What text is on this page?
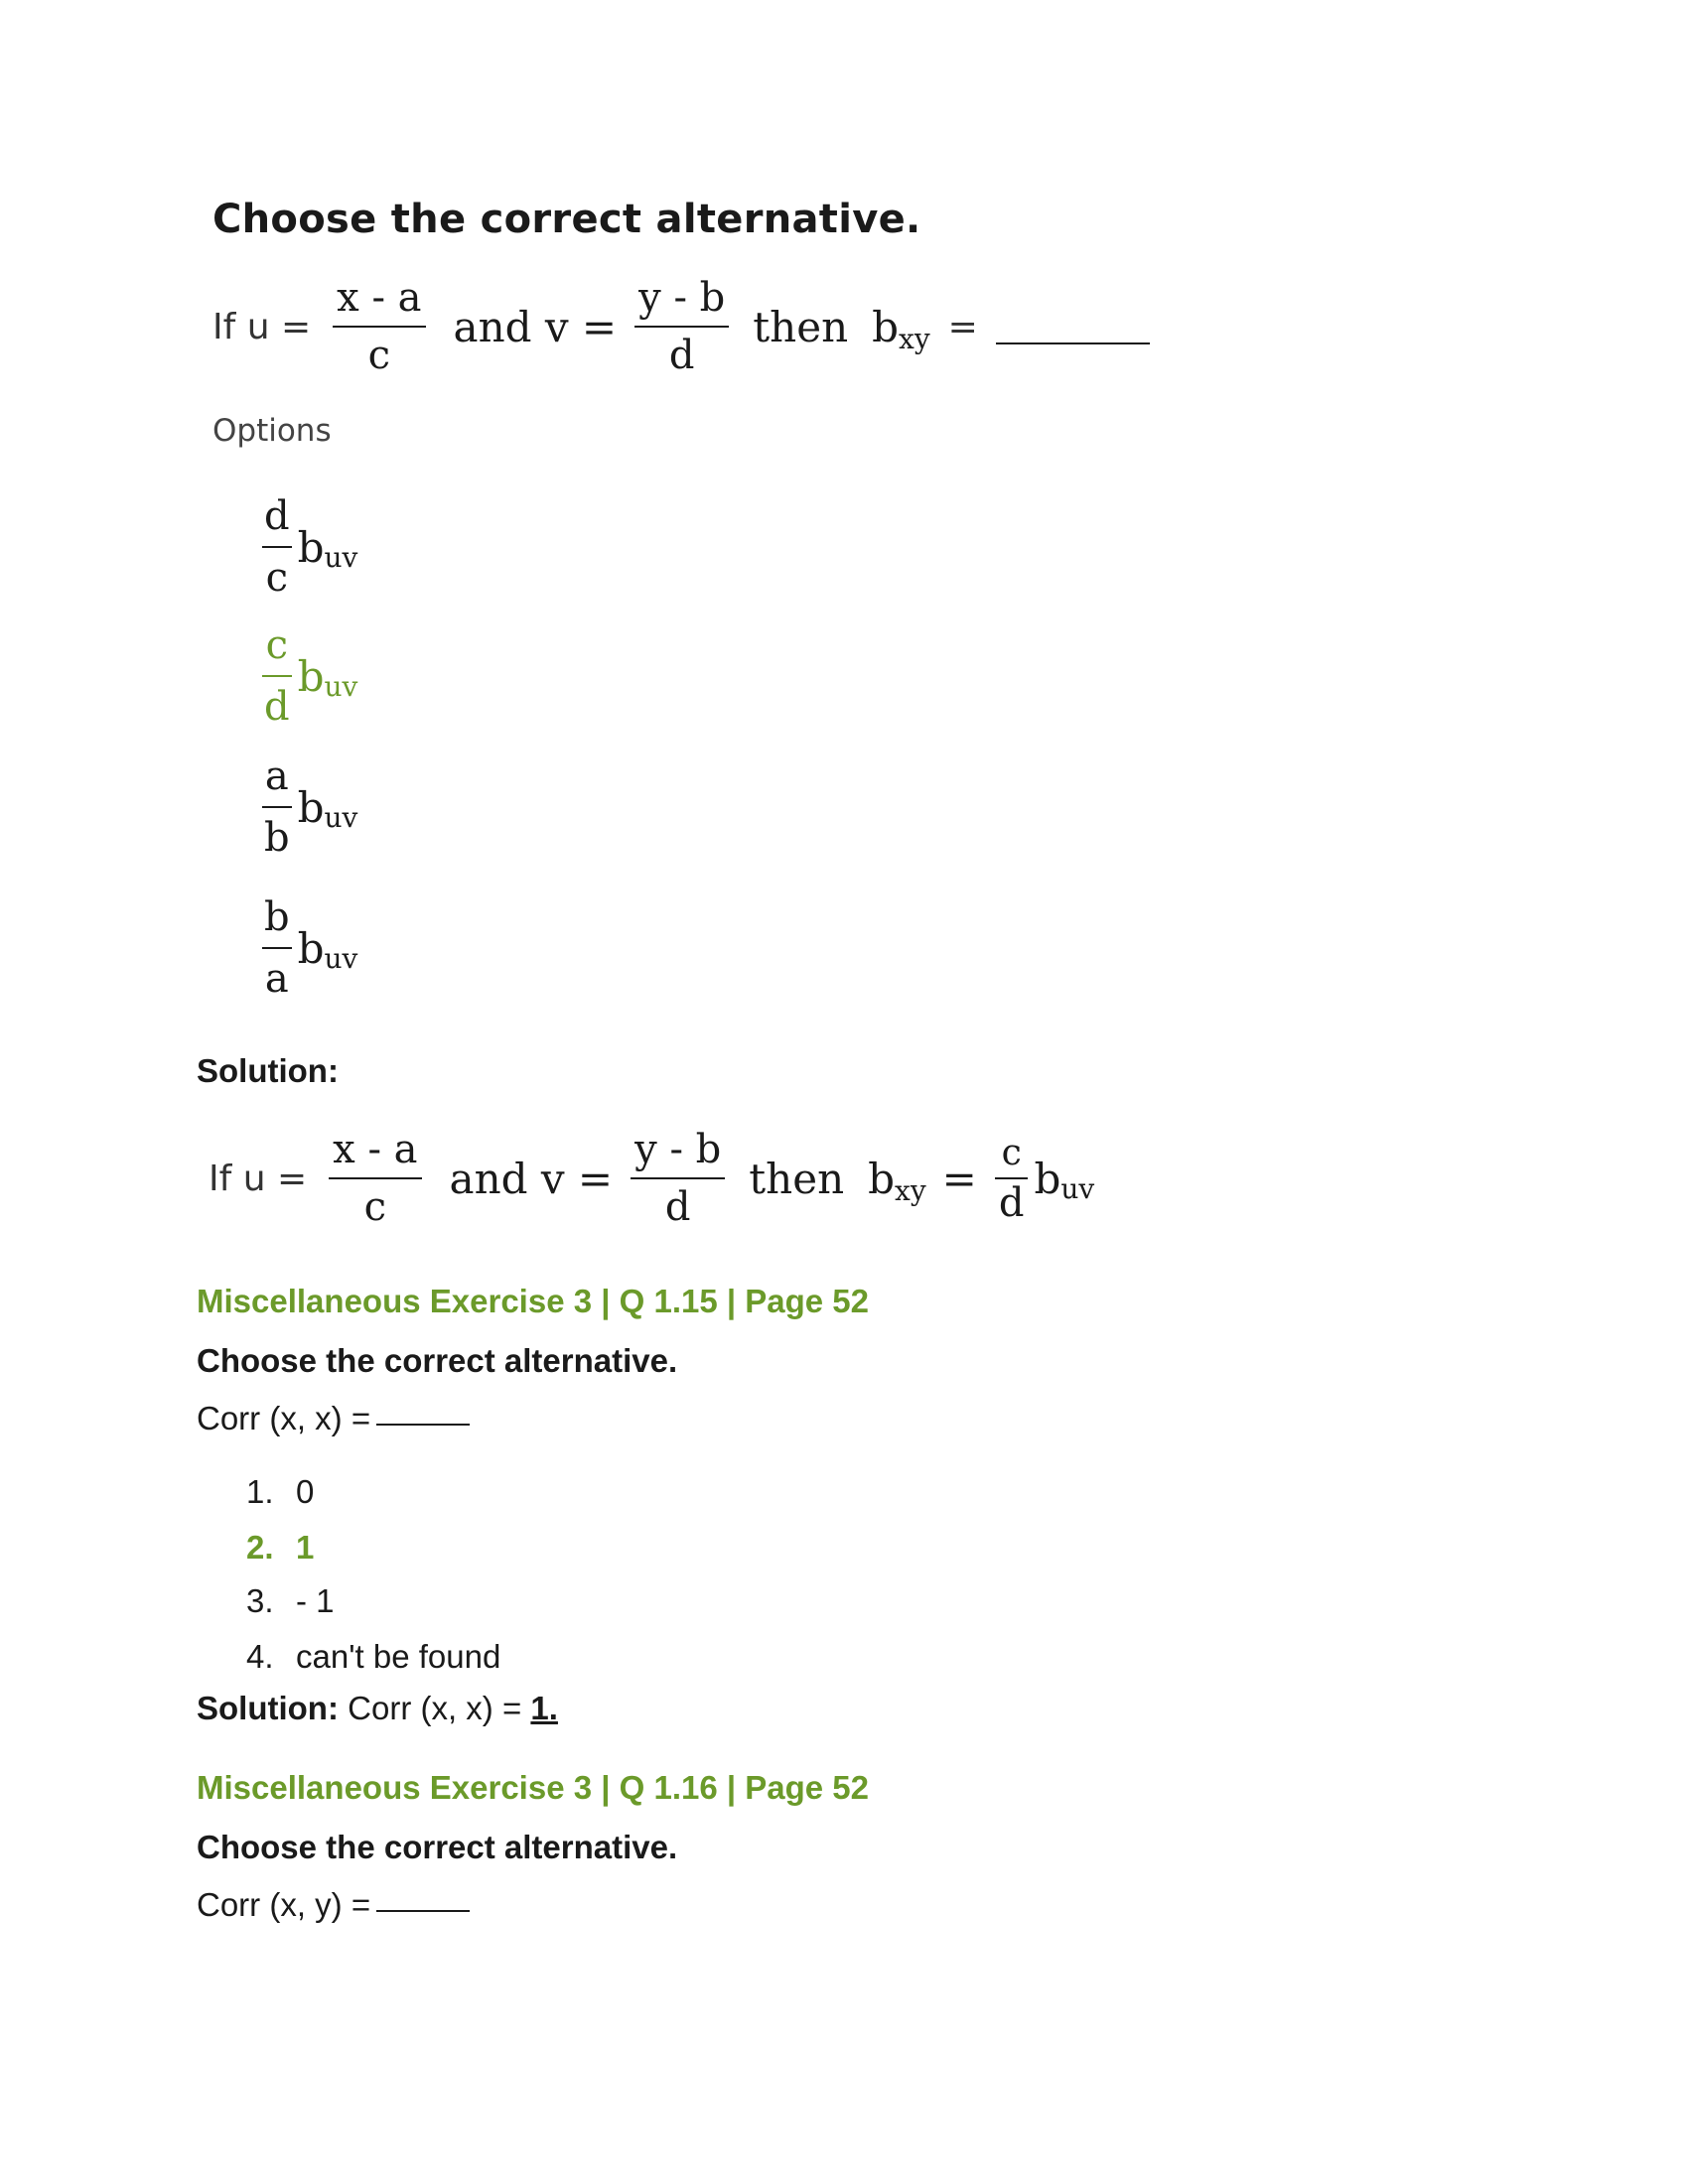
Choose the correct alternative.
If $u = \frac{x - a}{c}$ and $v = \frac{y - b}{d}$ then b xy =
Options
$\frac{d}{c}$ b uv
$\frac{c}{d}$ b uv
$\frac{a}{b}$ b uv
$\frac{b}{a}$ b uv
Solution:
If $u = \frac{x - a}{c}$ and $v = \frac{y - b}{d}$ then b xy = $\frac{c}{d}$ b uv
Miscellaneous Exercise 3 | Q 1.15 | Page 52
Choose the correct alternative.
Corr (x, x) =
1. 0
2. 1
3. - 1
4. can't be found
Solution: Corr (x, x) = 1.
Miscellaneous Exercise 3 | Q 1.16 | Page 52
Choose the correct alternative.
Corr (x, y) =
